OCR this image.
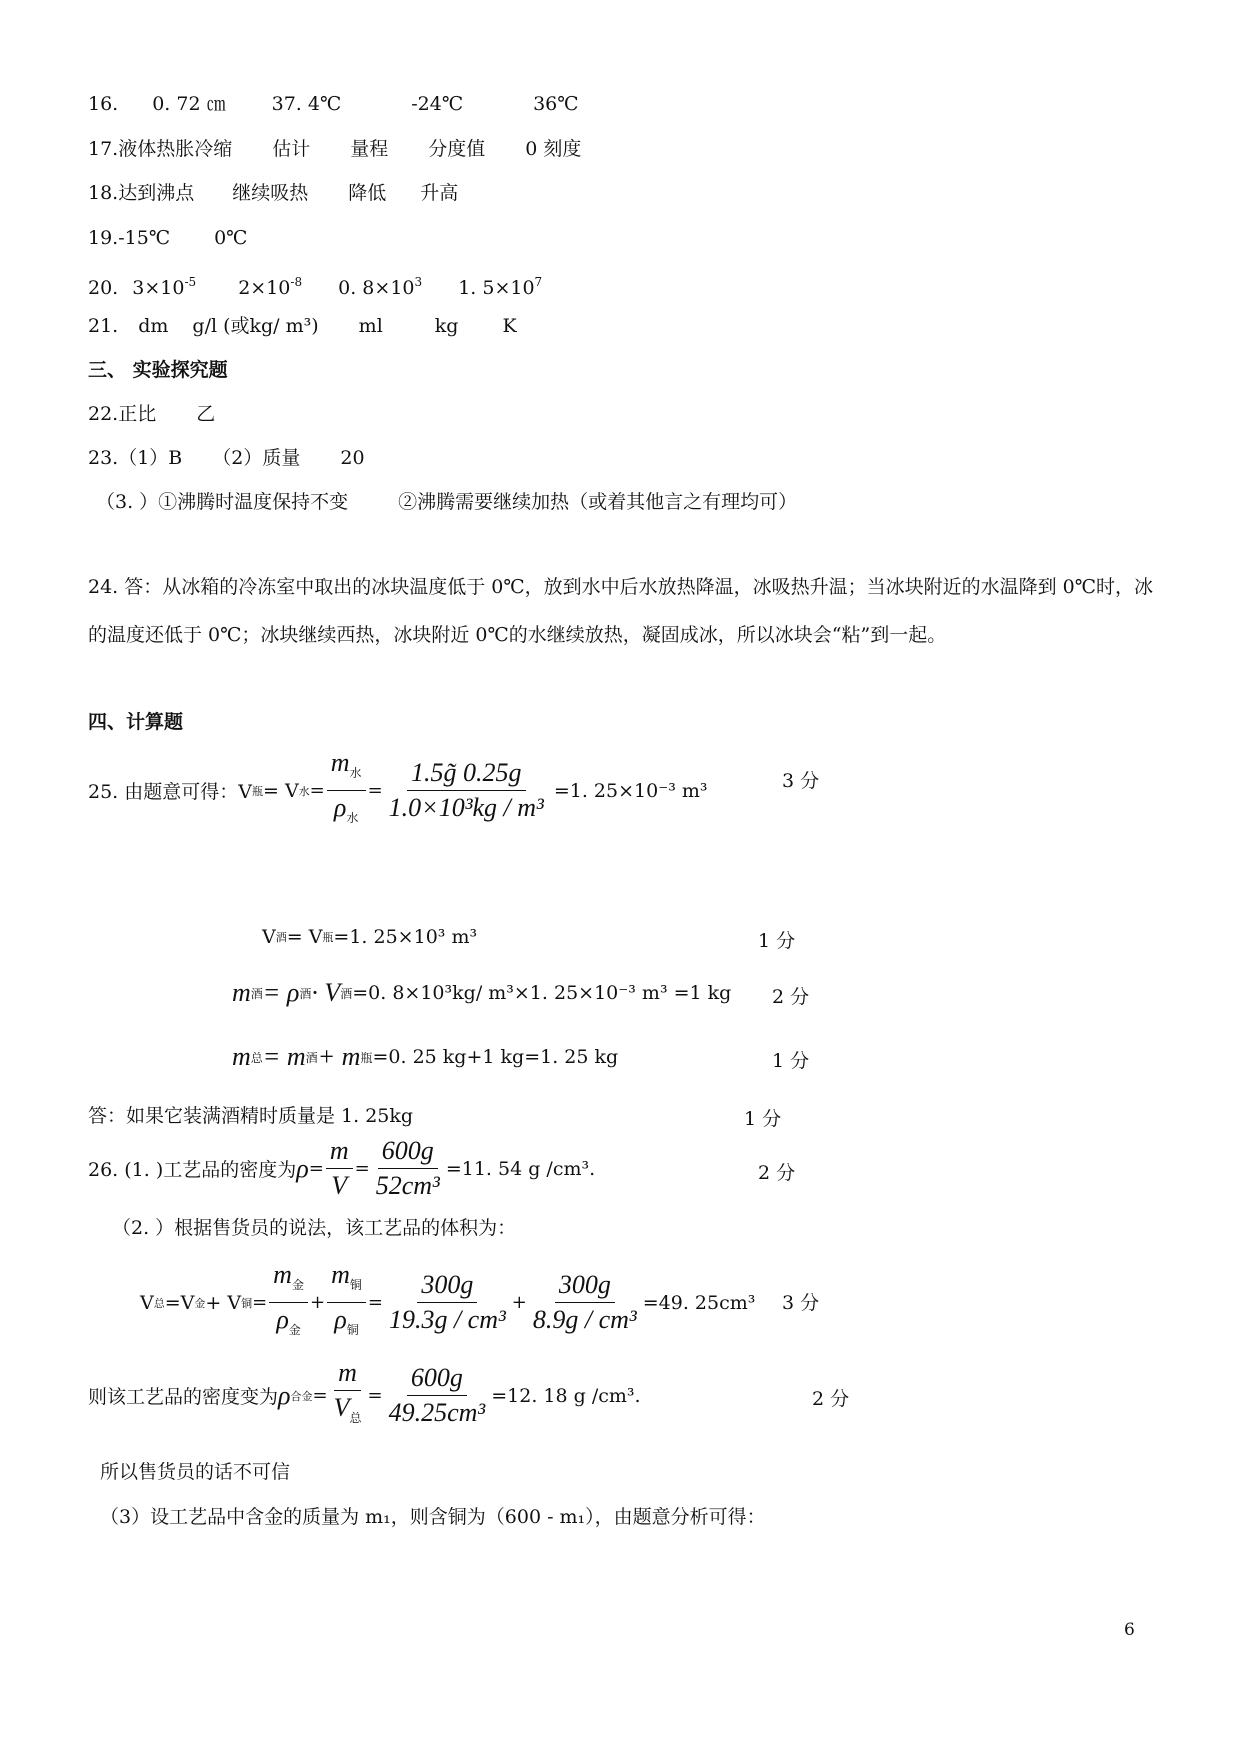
16. 0. 72 ㎝ 37. 4℃	-24℃	36℃
17.液体热胀冷缩 估计 量程 分度值 0 刻度
18.达到沸点 继续吸热 降低 升高
19.-15℃ 0℃
20. 3×10-5 2×10-8 0. 8×103 1. 5×107
21. dm g/l (或kg/ m³) ml	kg K
三、 实验探究题
22.正比 乙
23.（1）B （2）质量 20
（3. ）①沸腾时温度保持不变	②沸腾需要继续加热（或着其他言之有理均可）
24. 答：从冰箱的冷冻室中取出的冰块温度低于 0℃，放到水中后水放热降温，冰吸热升温；当冰块附近的水温降到 0℃时，冰的温度还低于 0℃；冰块继续西热，冰块附近 0℃的水继续放热，凝固成冰，所以冰块会“粘”到一起。
四、计算题
25. 由题意可得：V 瓶 = V 水 = $\frac{m_水}{\rho_水} = \frac{1.5g̃ 0.25g}{\text{1.0×10³kg / m³}} =1$. 25×10⁻³ m³	3 分
V 酒 = V 瓶 =1. 25×10³ m³	1 分
m 酒 = ρ 酒 · V 酒 =0. 8×10³kg/ m³×1. 25×10⁻³ m³ =1 kg 2 分
m 总 = m 酒 + m 瓶 =0. 25 kg+1 kg=1. 25 kg	1 分
答：如果它装满酒精时质量是 1. 25kg	1 分
26. (1. )工艺品的密度为 $\rho = \frac{m}{V} = \frac{600g}{\text{52cm³}} =11$. 54 g /cm³.	2 分
（2. ）根据售货员的说法，该工艺品的体积为：
V 总 =V 金 + V 铜 = $\frac{m_金}{\rho_金} + \frac{m_铜}{\rho_铜} = \frac{300g}{\text{19.3g / cm³}} + \frac{300g}{\text{8.9g / cm³}} =49$. 25cm³ 3 分
则该工艺品的密度变为 ρ 合金 = $\frac{m}{V_总} = \frac{600g}{\text{49.25cm³}} =12$. 18 g /cm³.	2 分
所以售货员的话不可信
（3）设工艺品中含金的质量为 m₁，则含铜为（600 - m₁），由题意分析可得：
6
